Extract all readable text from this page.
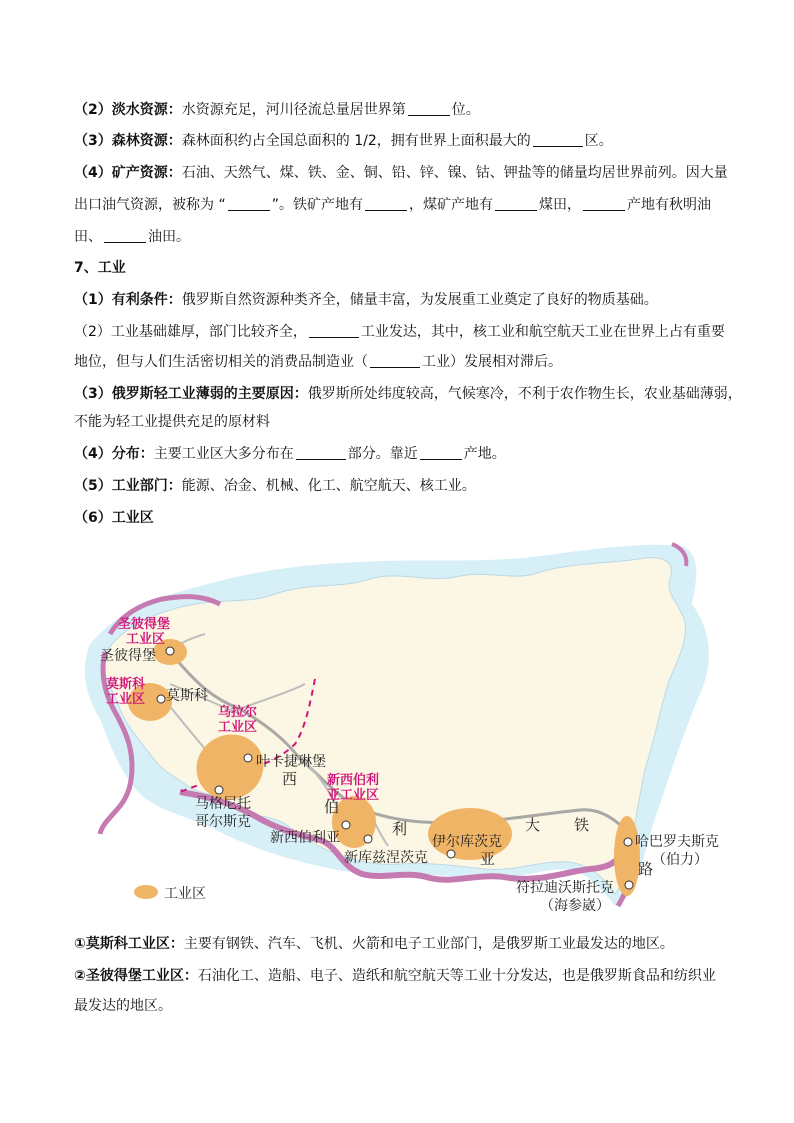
（2）淡水资源：水资源充足，河川径流总量居世界第	位。
（3）森林资源：森林面积约占全国总面积的 1/2，拥有世界上面积最大的	区。
（4）矿产资源：石油、天然气、煤、铁、金、铜、铅、锌、镍、钴、钾盐等的储量均居世界前列。因大量
出口油气资源，被称为 “	”。铁矿产地有	，煤矿产地有	煤田，	产地有秋明油
田、	油田。
7、工业
（1）有利条件：俄罗斯自然资源种类齐全，储量丰富，为发展重工业奠定了良好的物质基础。
（2）工业基础雄厚，部门比较齐全，	工业发达，其中，核工业和航空航天工业在世界上占有重要
地位，但与人们生活密切相关的消费品制造业（	工业）发展相对滞后。
（3）俄罗斯轻工业薄弱的主要原因：俄罗斯所处纬度较高，气候寒冷，不利于农作物生长，农业基础薄弱，
不能为轻工业提供充足的原材料
（4）分布：主要工业区大多分布在	部分。靠近	产地。
（5）工业部门：能源、冶金、机械、化工、航空航天、核工业。
（6）工业区
圣彼得堡
工业区
莫斯科
工业区
乌拉尔
工业区
新西伯利
亚工业区
圣彼得堡
莫斯科
叶卡捷琳堡
马格尼托
哥尔斯克
新西伯利亚
新库兹涅茨克
伊尔库茨克	哈巴罗夫斯克
（伯力）
符拉迪沃斯托克
（海参崴）
西
伯
利
亚
大 铁
路
工业区
①莫斯科工业区：主要有钢铁、汽车、飞机、火箭和电子工业部门，是俄罗斯工业最发达的地区。
②圣彼得堡工业区：石油化工、造船、电子、造纸和航空航天等工业十分发达，也是俄罗斯食品和纺织业
最发达的地区。
